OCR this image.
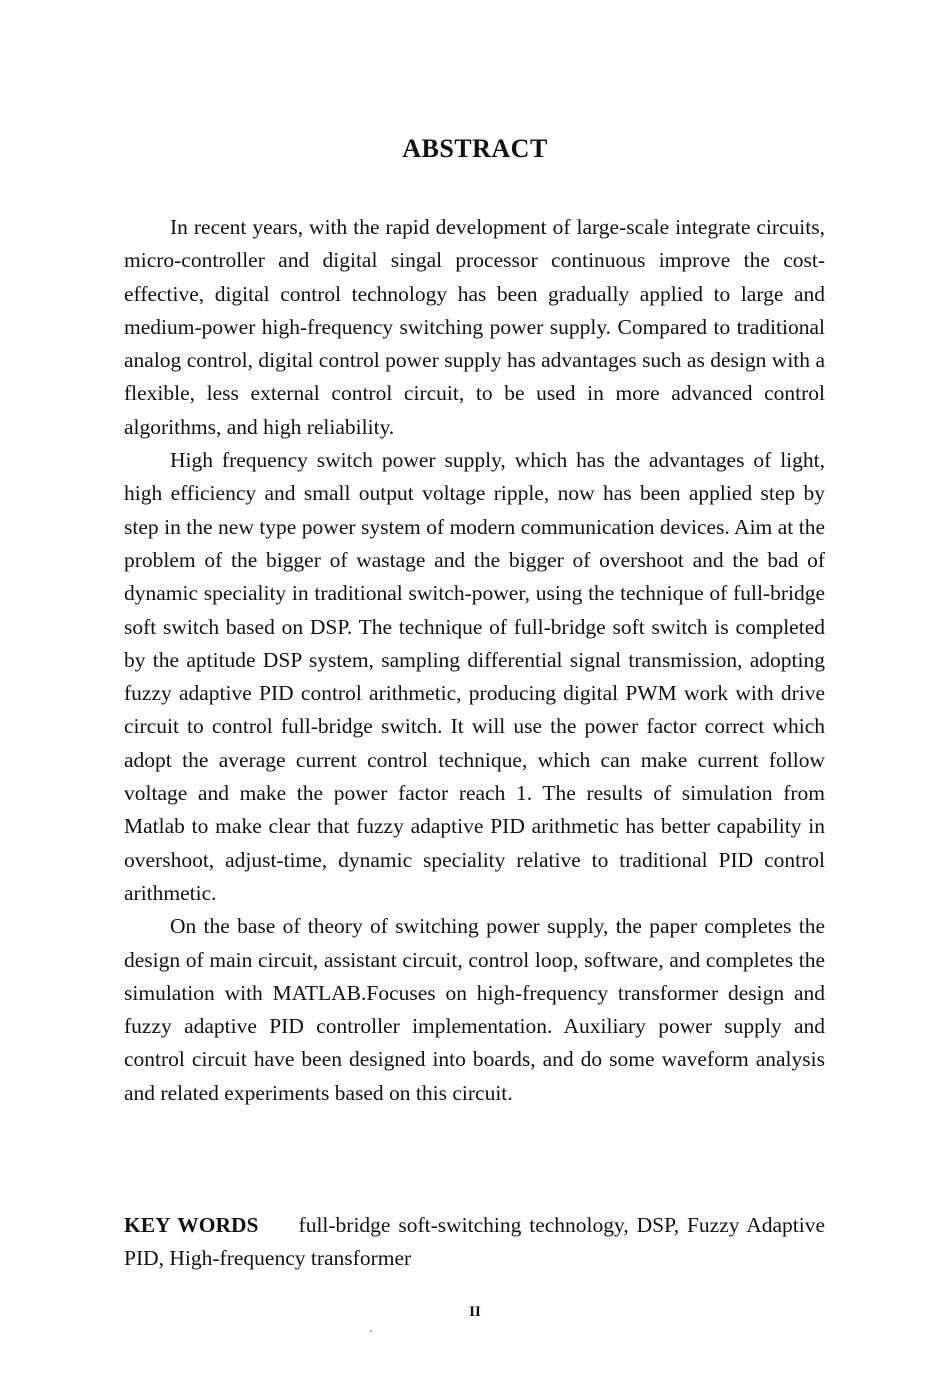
ABSTRACT

In recent years, with the rapid development of large-scale integrate circuits, micro-controller and digital singal processor continuous improve the cost-effective, digital control technology has been gradually applied to large and medium-power high-frequency switching power supply. Compared to traditional analog control, digital control power supply has advantages such as design with a flexible, less external control circuit, to be used in more advanced control algorithms, and high reliability.

High frequency switch power supply, which has the advantages of light, high efficiency and small output voltage ripple, now has been applied step by step in the new type power system of modern communication devices. Aim at the problem of the bigger of wastage and the bigger of overshoot and the bad of dynamic speciality in traditional switch-power, using the technique of full-bridge soft switch based on DSP. The technique of full-bridge soft switch is completed by the aptitude DSP system, sampling differential signal transmission, adopting fuzzy adaptive PID control arithmetic, producing digital PWM work with drive circuit to control full-bridge switch. It will use the power factor correct which adopt the average current control technique, which can make current follow voltage and make the power factor reach 1. The results of simulation from Matlab to make clear that fuzzy adaptive PID arithmetic has better capability in overshoot, adjust-time, dynamic speciality relative to traditional PID control arithmetic.

On the base of theory of switching power supply, the paper completes the design of main circuit, assistant circuit, control loop, software, and completes the simulation with MATLAB.Focuses on high-frequency transformer design and fuzzy adaptive PID controller implementation. Auxiliary power supply and control circuit have been designed into boards, and do some waveform analysis and related experiments based on this circuit.

KEY WORDS full-bridge soft-switching technology, DSP, Fuzzy Adaptive PID, High-frequency transformer

II
